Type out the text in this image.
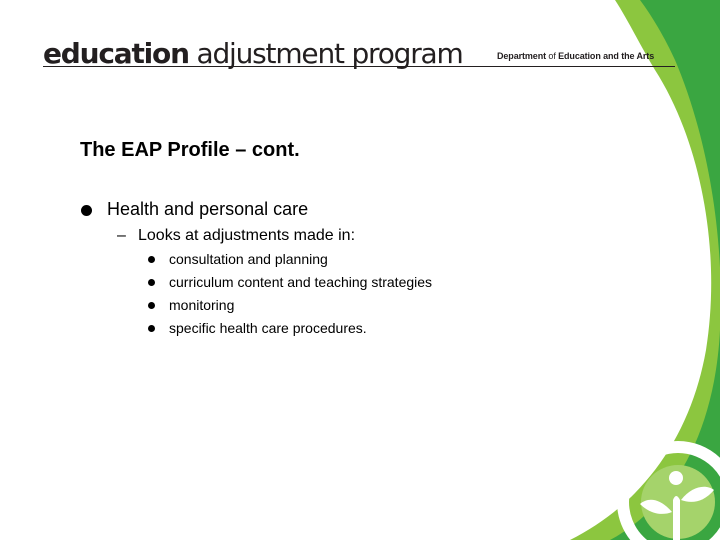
education adjustment program	Department of Education and the Arts
The EAP Profile – cont.
Health and personal care
– Looks at adjustments made in:
consultation and planning
curriculum content and teaching strategies
monitoring
specific health care procedures.
